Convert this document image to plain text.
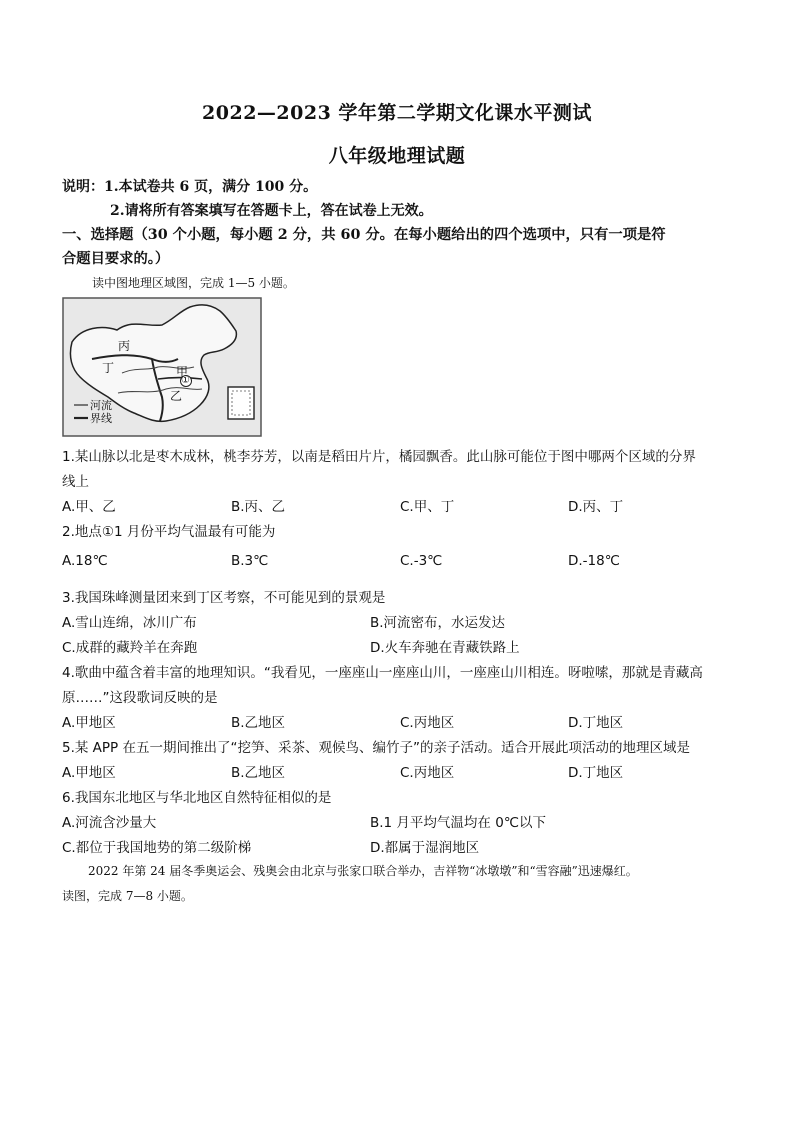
2022—2023 学年第二学期文化课水平测试
八年级地理试题
说明：1.本试卷共 6 页，满分 100 分。
2.请将所有答案填写在答题卡上，答在试卷上无效。
一、选择题（30 个小题，每小题 2 分，共 60 分。在每小题给出的四个选项中，只有一项是符
合题目要求的。）
读中图地理区域图，完成 1—5 小题。
丙
丁	甲
乙
①
河流
界线
1.某山脉以北是枣木成林，桃李芬芳，以南是稻田片片，橘园飘香。此山脉可能位于图中哪两个区域的分界
线上
A.甲、乙	B.丙、乙	C.甲、丁	D.丙、丁
2.地点①1 月份平均气温最有可能为
A.18℃	B.3℃	C.-3℃	D.-18℃
3.我国珠峰测量团来到丁区考察，不可能见到的景观是
A.雪山连绵，冰川广布	B.河流密布，水运发达
C.成群的藏羚羊在奔跑	D.火车奔驰在青藏铁路上
4.歌曲中蕴含着丰富的地理知识。“我看见，一座座山一座座山川，一座座山川相连。呀啦嗦，那就是青藏高
原……”这段歌词反映的是
A.甲地区	B.乙地区	C.丙地区	D.丁地区
5.某 APP 在五一期间推出了“挖笋、采茶、观候鸟、编竹子”的亲子活动。适合开展此项活动的地理区域是
A.甲地区	B.乙地区	C.丙地区	D.丁地区
6.我国东北地区与华北地区自然特征相似的是
A.河流含沙量大	B.1 月平均气温均在 0℃以下
C.都位于我国地势的第二级阶梯	D.都属于湿润地区
2022 年第 24 届冬季奥运会、残奥会由北京与张家口联合举办，吉祥物“冰墩墩”和“雪容融”迅速爆红。
读图，完成 7—8 小题。
